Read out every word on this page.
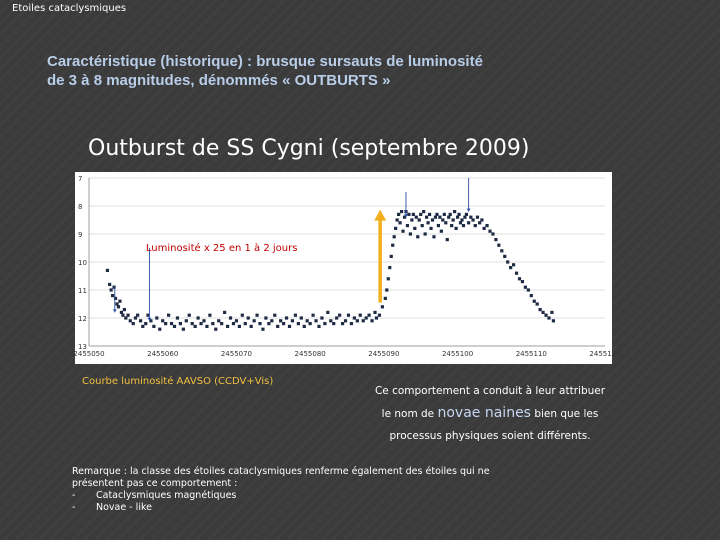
Etoiles cataclysmiques
Caractéristique (historique) : brusque sursauts de luminosité
de 3 à 8 magnitudes, dénommés « OUTBURTS »
Outburst de SS Cygni (septembre 2009)
7
8
9
10
11
12
13
2455050	2455060	2455070	2455080	2455090	2455100	2455110	2455120
Luminosité x 25 en 1 à 2 jours
Courbe luminosité AAVSO (CCDV+Vis)
Ce comportement a conduit à leur attribuer
le nom de novae naines bien que les
processus physiques soient différents.
Remarque : la classe des étoiles cataclysmiques renferme également des étoiles qui ne
présentent pas ce comportement :
-	Cataclysmiques magnétiques
-	Novae - like
